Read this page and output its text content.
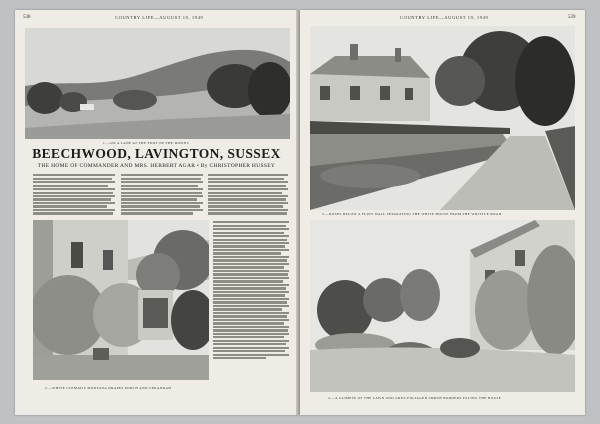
COUNTRY LIFE—AUGUST 19, 1949
538
1.—ON A LANE AT THE FOOT OF THE DOWNS
BEECHWOOD, LAVINGTON, SUSSEX
THE HOME OF COMMANDER AND MRS. HERBERT AGAR • By CHRISTOPHER HUSSEY
2.—WHITE CLEMATIS MONTANA DRAPES PORCH AND VERANDAH
COUNTRY LIFE—AUGUST 19, 1949	539
3.—ROSES BELOW A FLINT WALL SEPARATING THE WHITE HOUSE FROM THE WRITTLE ROAD
4.—A GLIMPSE OF THE LAWN AND GREY-FOLIAGED SHRUB BORDERS FACING THE HOUSE
